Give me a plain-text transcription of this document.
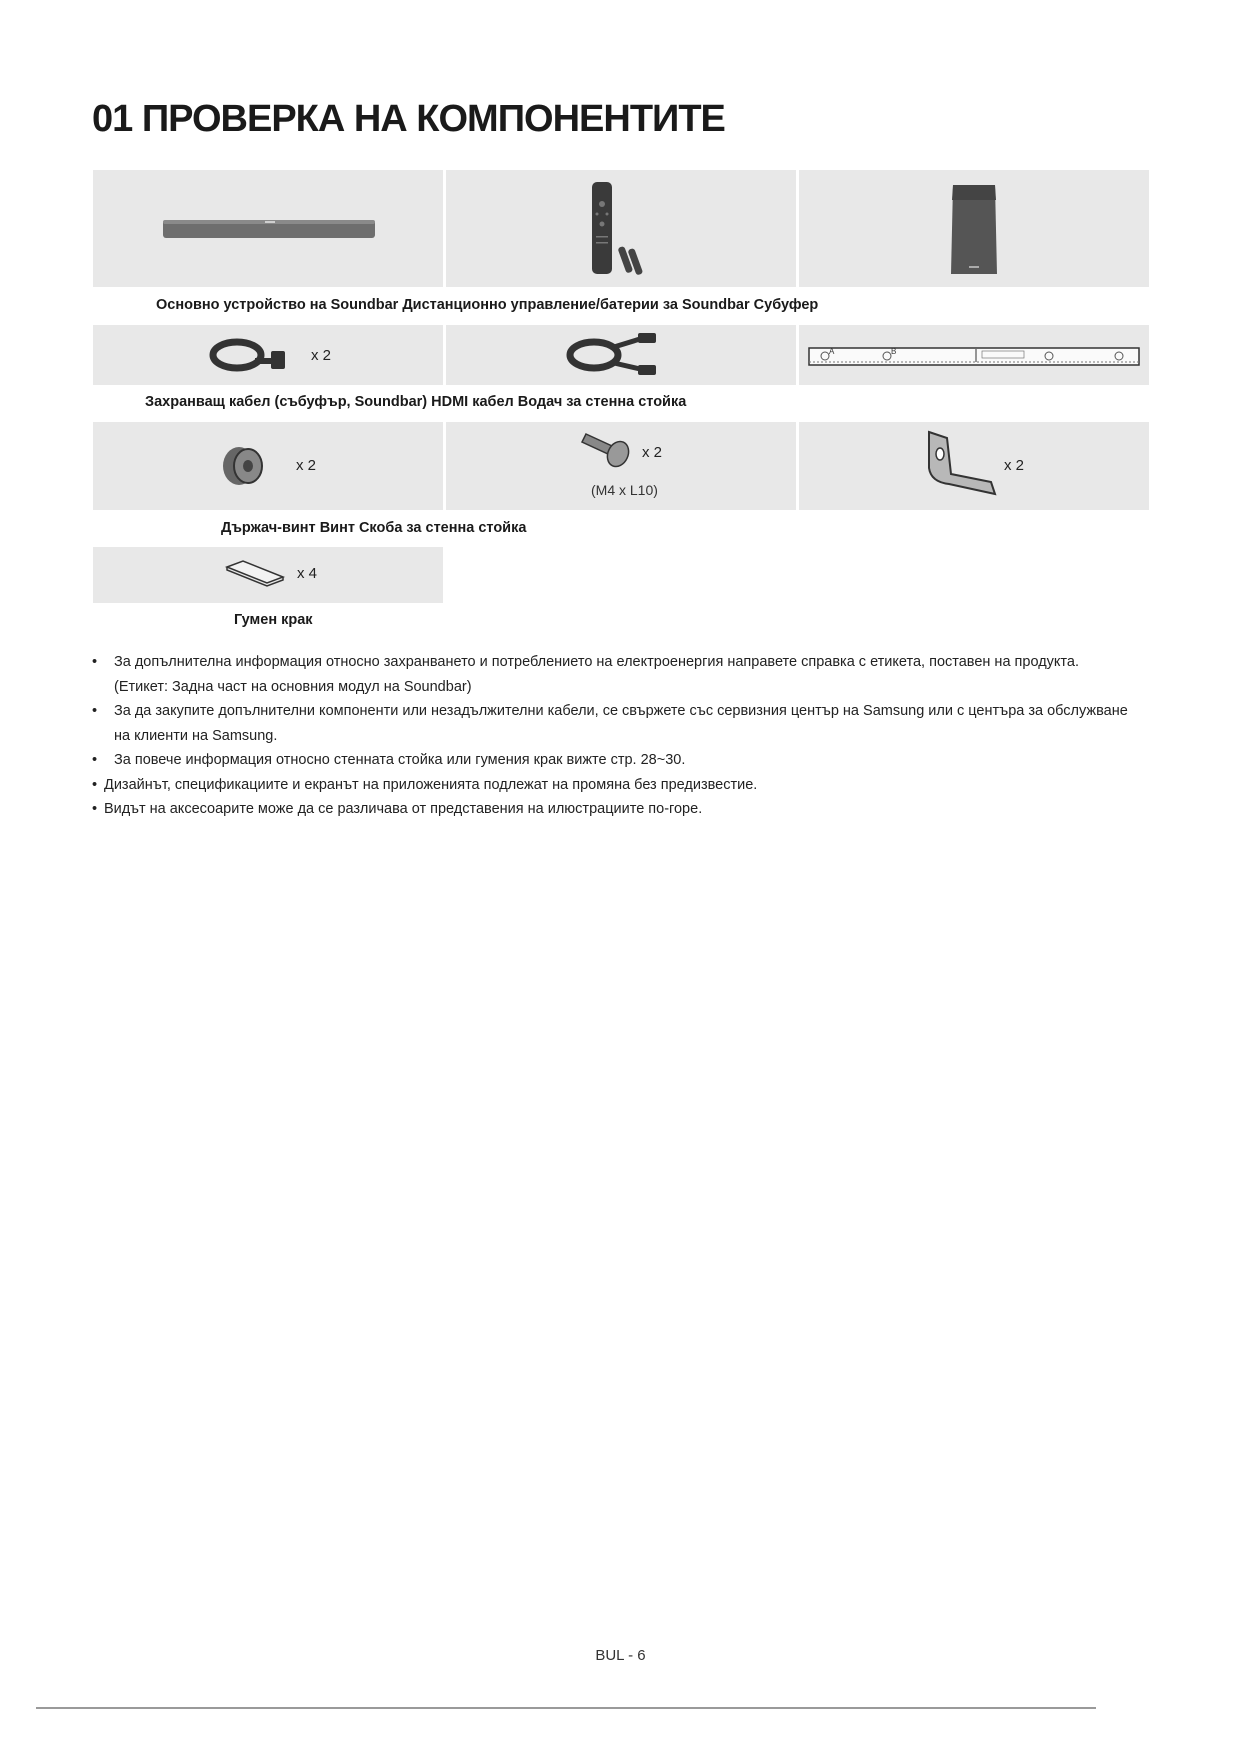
01 ПРОВЕРКА НА КОМПОНЕНТИТЕ
Основно устройство на Soundbar Дистанционно управление/батерии за Soundbar Субуфер
x 2	A	B
Захранващ кабел (събуфър, Soundbar) HDMI кабел Водач за стенна стойка
x 2
x 2
(M4 x L10)
x 2
Държач-винт Винт Скоба за стенна стойка
x 4
Гумен крак
• За допълнителна информация относно захранването и потреблението на електроенергия направете справка с етикета, поставен на продукта. (Етикет: Задна част на основния модул на Soundbar)
• За да закупите допълнителни компоненти или незадължителни кабели, се свържете със сервизния център на Samsung или с центъра за обслужване на клиенти на Samsung.
• За повече информация относно стенната стойка или гумения крак вижте стр. 28~30.
• Дизайнът, спецификациите и екранът на приложенията подлежат на промяна без предизвестие.
• Видът на аксесоарите може да се различава от представения на илюстрациите по-горе.
BUL - 6
